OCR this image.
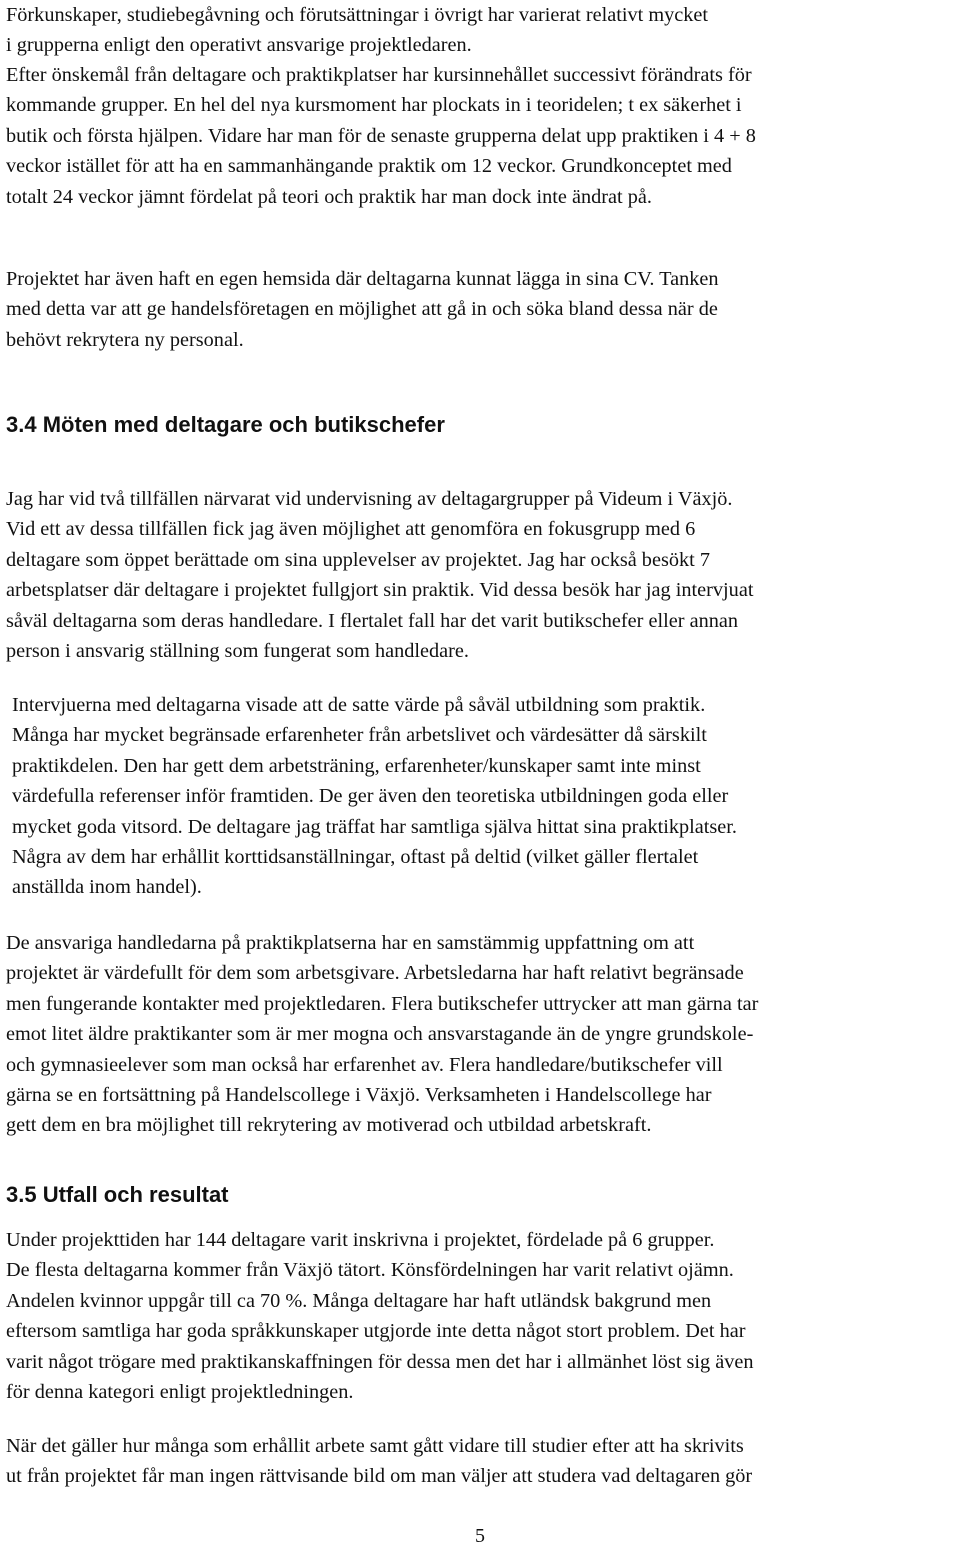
Förkunskaper, studiebegåvning och förutsättningar i övrigt har varierat relativt mycket

i grupperna enligt den operativt ansvarige projektledaren.

Efter önskemål från deltagare och praktikplatser har kursinnehållet successivt förändrats för

kommande grupper. En hel del nya kursmoment har plockats in i teoridelen; t ex säkerhet i

butik och första hjälpen. Vidare har man för de senaste grupperna delat upp praktiken i 4 + 8

veckor istället för att ha en sammanhängande praktik om 12 veckor. Grundkonceptet med

totalt 24 veckor jämnt fördelat på teori och praktik har man dock inte ändrat på.

Projektet har även haft en egen hemsida där deltagarna kunnat lägga in sina CV. Tanken

med detta var att ge handelsföretagen en möjlighet att gå in och söka bland dessa när de

behövt rekrytera ny personal.

3.4 Möten med deltagare och butikschefer

Jag har vid två tillfällen närvarat vid undervisning av deltagargrupper på Videum i Växjö.

Vid ett av dessa tillfällen fick jag även möjlighet att genomföra en fokusgrupp med 6

deltagare som öppet berättade om sina upplevelser av projektet. Jag har också besökt 7

arbetsplatser där deltagare i projektet fullgjort sin praktik. Vid dessa besök har jag intervjuat

såväl deltagarna som deras handledare. I flertalet fall har det varit butikschefer eller annan

person i ansvarig ställning som fungerat som handledare.

Intervjuerna med deltagarna visade att de satte värde på såväl utbildning som praktik.

Många har mycket begränsade erfarenheter från arbetslivet och värdesätter då särskilt

praktikdelen. Den har gett dem arbetsträning, erfarenheter/kunskaper samt inte minst

värdefulla referenser inför framtiden. De ger även den teoretiska utbildningen goda eller

mycket goda vitsord. De deltagare jag träffat har samtliga själva hittat sina praktikplatser.

Några av dem har erhållit korttidsanställningar, oftast på deltid (vilket gäller flertalet

anställda inom handel).

De ansvariga handledarna på praktikplatserna har en samstämmig uppfattning om att

projektet är värdefullt för dem som arbetsgivare. Arbetsledarna har haft relativt begränsade

men fungerande kontakter med projektledaren. Flera butikschefer uttrycker att man gärna tar

emot litet äldre praktikanter som är mer mogna och ansvarstagande än de yngre grundskole-

och gymnasieelever som man också har erfarenhet av. Flera handledare/butikschefer vill

gärna se en fortsättning på Handelscollege i Växjö. Verksamheten i Handelscollege har

gett dem en bra möjlighet till rekrytering av motiverad och utbildad arbetskraft.

3.5 Utfall och resultat

Under projekttiden har 144 deltagare varit inskrivna i projektet, fördelade på 6 grupper.

De flesta deltagarna kommer från Växjö tätort. Könsfördelningen har varit relativt ojämn.

Andelen kvinnor uppgår till ca 70 %. Många deltagare har haft utländsk bakgrund men

eftersom samtliga har goda språkkunskaper utgjorde inte detta något stort problem. Det har

varit något trögare med praktikanskaffningen för dessa men det har i allmänhet löst sig även

för denna kategori enligt projektledningen.

När det gäller hur många som erhållit arbete samt gått vidare till studier efter att ha skrivits

ut från projektet får man ingen rättvisande bild om man väljer att studera vad deltagaren gör

5
